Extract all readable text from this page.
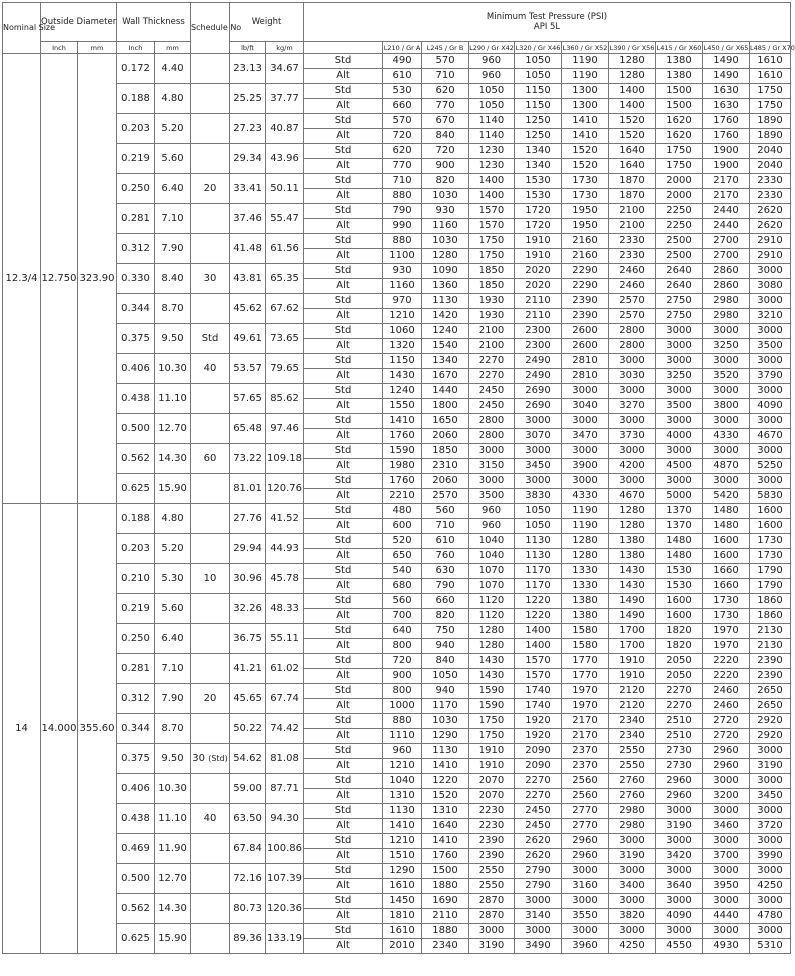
Nominal Size	Outside Diameter		Wall Thickness		Schedule No	Weight		Minimum Test Pressure (PSI)
API 5L									

	Inch	mm	Inch	mm		lb/ft	kg/m		L210 / Gr A	L245 / Gr B	L290 / Gr X42	L320 / Gr X46	L360 / Gr X52	L390 / Gr X56	L415 / Gr X60	L450 / Gr X65	L485 / Gr X70
12.3/4	12.750	323.90	0.172	4.40		23.13	34.67	Std	490	570	960	1050	1190	1280	1380	1490	1610
								Alt	610	710	960	1050	1190	1280	1380	1490	1610
			0.188	4.80		25.25	37.77	Std	530	620	1050	1150	1300	1400	1500	1630	1750
								Alt	660	770	1050	1150	1300	1400	1500	1630	1750
			0.203	5.20		27.23	40.87	Std	570	670	1140	1250	1410	1520	1620	1760	1890
								Alt	720	840	1140	1250	1410	1520	1620	1760	1890
			0.219	5.60		29.34	43.96	Std	620	720	1230	1340	1520	1640	1750	1900	2040
								Alt	770	900	1230	1340	1520	1640	1750	1900	2040
			0.250	6.40	20	33.41	50.11	Std	710	820	1400	1530	1730	1870	2000	2170	2330
								Alt	880	1030	1400	1530	1730	1870	2000	2170	2330
			0.281	7.10		37.46	55.47	Std	790	930	1570	1720	1950	2100	2250	2440	2620
								Alt	990	1160	1570	1720	1950	2100	2250	2440	2620
			0.312	7.90		41.48	61.56	Std	880	1030	1750	1910	2160	2330	2500	2700	2910
								Alt	1100	1280	1750	1910	2160	2330	2500	2700	2910
			0.330	8.40	30	43.81	65.35	Std	930	1090	1850	2020	2290	2460	2640	2860	3000
								Alt	1160	1360	1850	2020	2290	2460	2640	2860	3080
			0.344	8.70		45.62	67.62	Std	970	1130	1930	2110	2390	2570	2750	2980	3000
								Alt	1210	1420	1930	2110	2390	2570	2750	2980	3210
			0.375	9.50	Std	49.61	73.65	Std	1060	1240	2100	2300	2600	2800	3000	3000	3000
								Alt	1320	1540	2100	2300	2600	2800	3000	3250	3500
			0.406	10.30	40	53.57	79.65	Std	1150	1340	2270	2490	2810	3000	3000	3000	3000
								Alt	1430	1670	2270	2490	2810	3030	3250	3520	3790
			0.438	11.10		57.65	85.62	Std	1240	1440	2450	2690	3000	3000	3000	3000	3000
								Alt	1550	1800	2450	2690	3040	3270	3500	3800	4090
			0.500	12.70		65.48	97.46	Std	1410	1650	2800	3000	3000	3000	3000	3000	3000
								Alt	1760	2060	2800	3070	3470	3730	4000	4330	4670
			0.562	14.30	60	73.22	109.18	Std	1590	1850	3000	3000	3000	3000	3000	3000	3000
								Alt	1980	2310	3150	3450	3900	4200	4500	4870	5250
			0.625	15.90		81.01	120.76	Std	1760	2060	3000	3000	3000	3000	3000	3000	3000
								Alt	2210	2570	3500	3830	4330	4670	5000	5420	5830
14	14.000	355.60	0.188	4.80		27.76	41.52	Std	480	560	960	1050	1190	1280	1370	1480	1600
								Alt	600	710	960	1050	1190	1280	1370	1480	1600
			0.203	5.20		29.94	44.93	Std	520	610	1040	1130	1280	1380	1480	1600	1730
								Alt	650	760	1040	1130	1280	1380	1480	1600	1730
			0.210	5.30	10	30.96	45.78	Std	540	630	1070	1170	1330	1430	1530	1660	1790
								Alt	680	790	1070	1170	1330	1430	1530	1660	1790
			0.219	5.60		32.26	48.33	Std	560	660	1120	1220	1380	1490	1600	1730	1860
								Alt	700	820	1120	1220	1380	1490	1600	1730	1860
			0.250	6.40		36.75	55.11	Std	640	750	1280	1400	1580	1700	1820	1970	2130
								Alt	800	940	1280	1400	1580	1700	1820	1970	2130
			0.281	7.10		41.21	61.02	Std	720	840	1430	1570	1770	1910	2050	2220	2390
								Alt	900	1050	1430	1570	1770	1910	2050	2220	2390
			0.312	7.90	20	45.65	67.74	Std	800	940	1590	1740	1970	2120	2270	2460	2650
								Alt	1000	1170	1590	1740	1970	2120	2270	2460	2650
			0.344	8.70		50.22	74.42	Std	880	1030	1750	1920	2170	2340	2510	2720	2920
								Alt	1110	1290	1750	1920	2170	2340	2510	2720	2920
			0.375	9.50	30 (Std)	54.62	81.08	Std	960	1130	1910	2090	2370	2550	2730	2960	3000
								Alt	1210	1410	1910	2090	2370	2550	2730	2960	3190
			0.406	10.30		59.00	87.71	Std	1040	1220	2070	2270	2560	2760	2960	3000	3000
								Alt	1310	1520	2070	2270	2560	2760	2960	3200	3450
			0.438	11.10	40	63.50	94.30	Std	1130	1310	2230	2450	2770	2980	3000	3000	3000
								Alt	1410	1640	2230	2450	2770	2980	3190	3460	3720
			0.469	11.90		67.84	100.86	Std	1210	1410	2390	2620	2960	3000	3000	3000	3000
								Alt	1510	1760	2390	2620	2960	3190	3420	3700	3990
			0.500	12.70		72.16	107.39	Std	1290	1500	2550	2790	3000	3000	3000	3000	3000
								Alt	1610	1880	2550	2790	3160	3400	3640	3950	4250
			0.562	14.30		80.73	120.36	Std	1450	1690	2870	3000	3000	3000	3000	3000	3000
								Alt	1810	2110	2870	3140	3550	3820	4090	4440	4780
			0.625	15.90		89.36	133.19	Std	1610	1880	3000	3000	3000	3000	3000	3000	3000
								Alt	2010	2340	3190	3490	3960	4250	4550	4930	5310
